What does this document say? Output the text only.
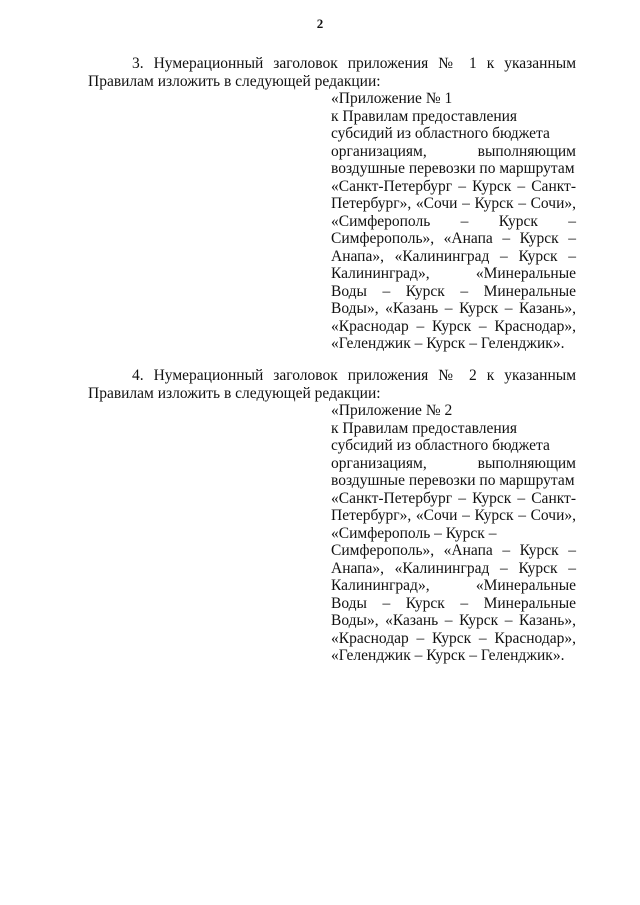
2
3. Нумерационный заголовок приложения № 1 к указанным
Правилам изложить в следующей редакции:
«Приложение № 1
к Правилам предоставления
субсидий из областного бюджета
организациям, выполняющим
воздушные перевозки по маршрутам
«Санкт-Петербург – Курск – Санкт-
Петербург», «Сочи – Курск – Сочи»,
«Симферополь – Курск –
Симферополь», «Анапа – Курск –
Анапа», «Калининград – Курск –
Калининград», «Минеральные
Воды – Курск – Минеральные
Воды», «Казань – Курск – Казань»,
«Краснодар – Курск – Краснодар»,
«Геленджик – Курск – Геленджик».
4. Нумерационный заголовок приложения № 2 к указанным
Правилам изложить в следующей редакции:
«Приложение № 2
к Правилам предоставления
субсидий из областного бюджета
организациям, выполняющим
воздушные перевозки по маршрутам
«Санкт-Петербург – Курск – Санкт-
Петербург», «Сочи – Курск – Сочи»,
«Симферополь – Курск –
Симферополь», «Анапа – Курск –
Анапа», «Калининград – Курск –
Калининград», «Минеральные
Воды – Курск – Минеральные
Воды», «Казань – Курск – Казань»,
«Краснодар – Курск – Краснодар»,
«Геленджик – Курск – Геленджик».
